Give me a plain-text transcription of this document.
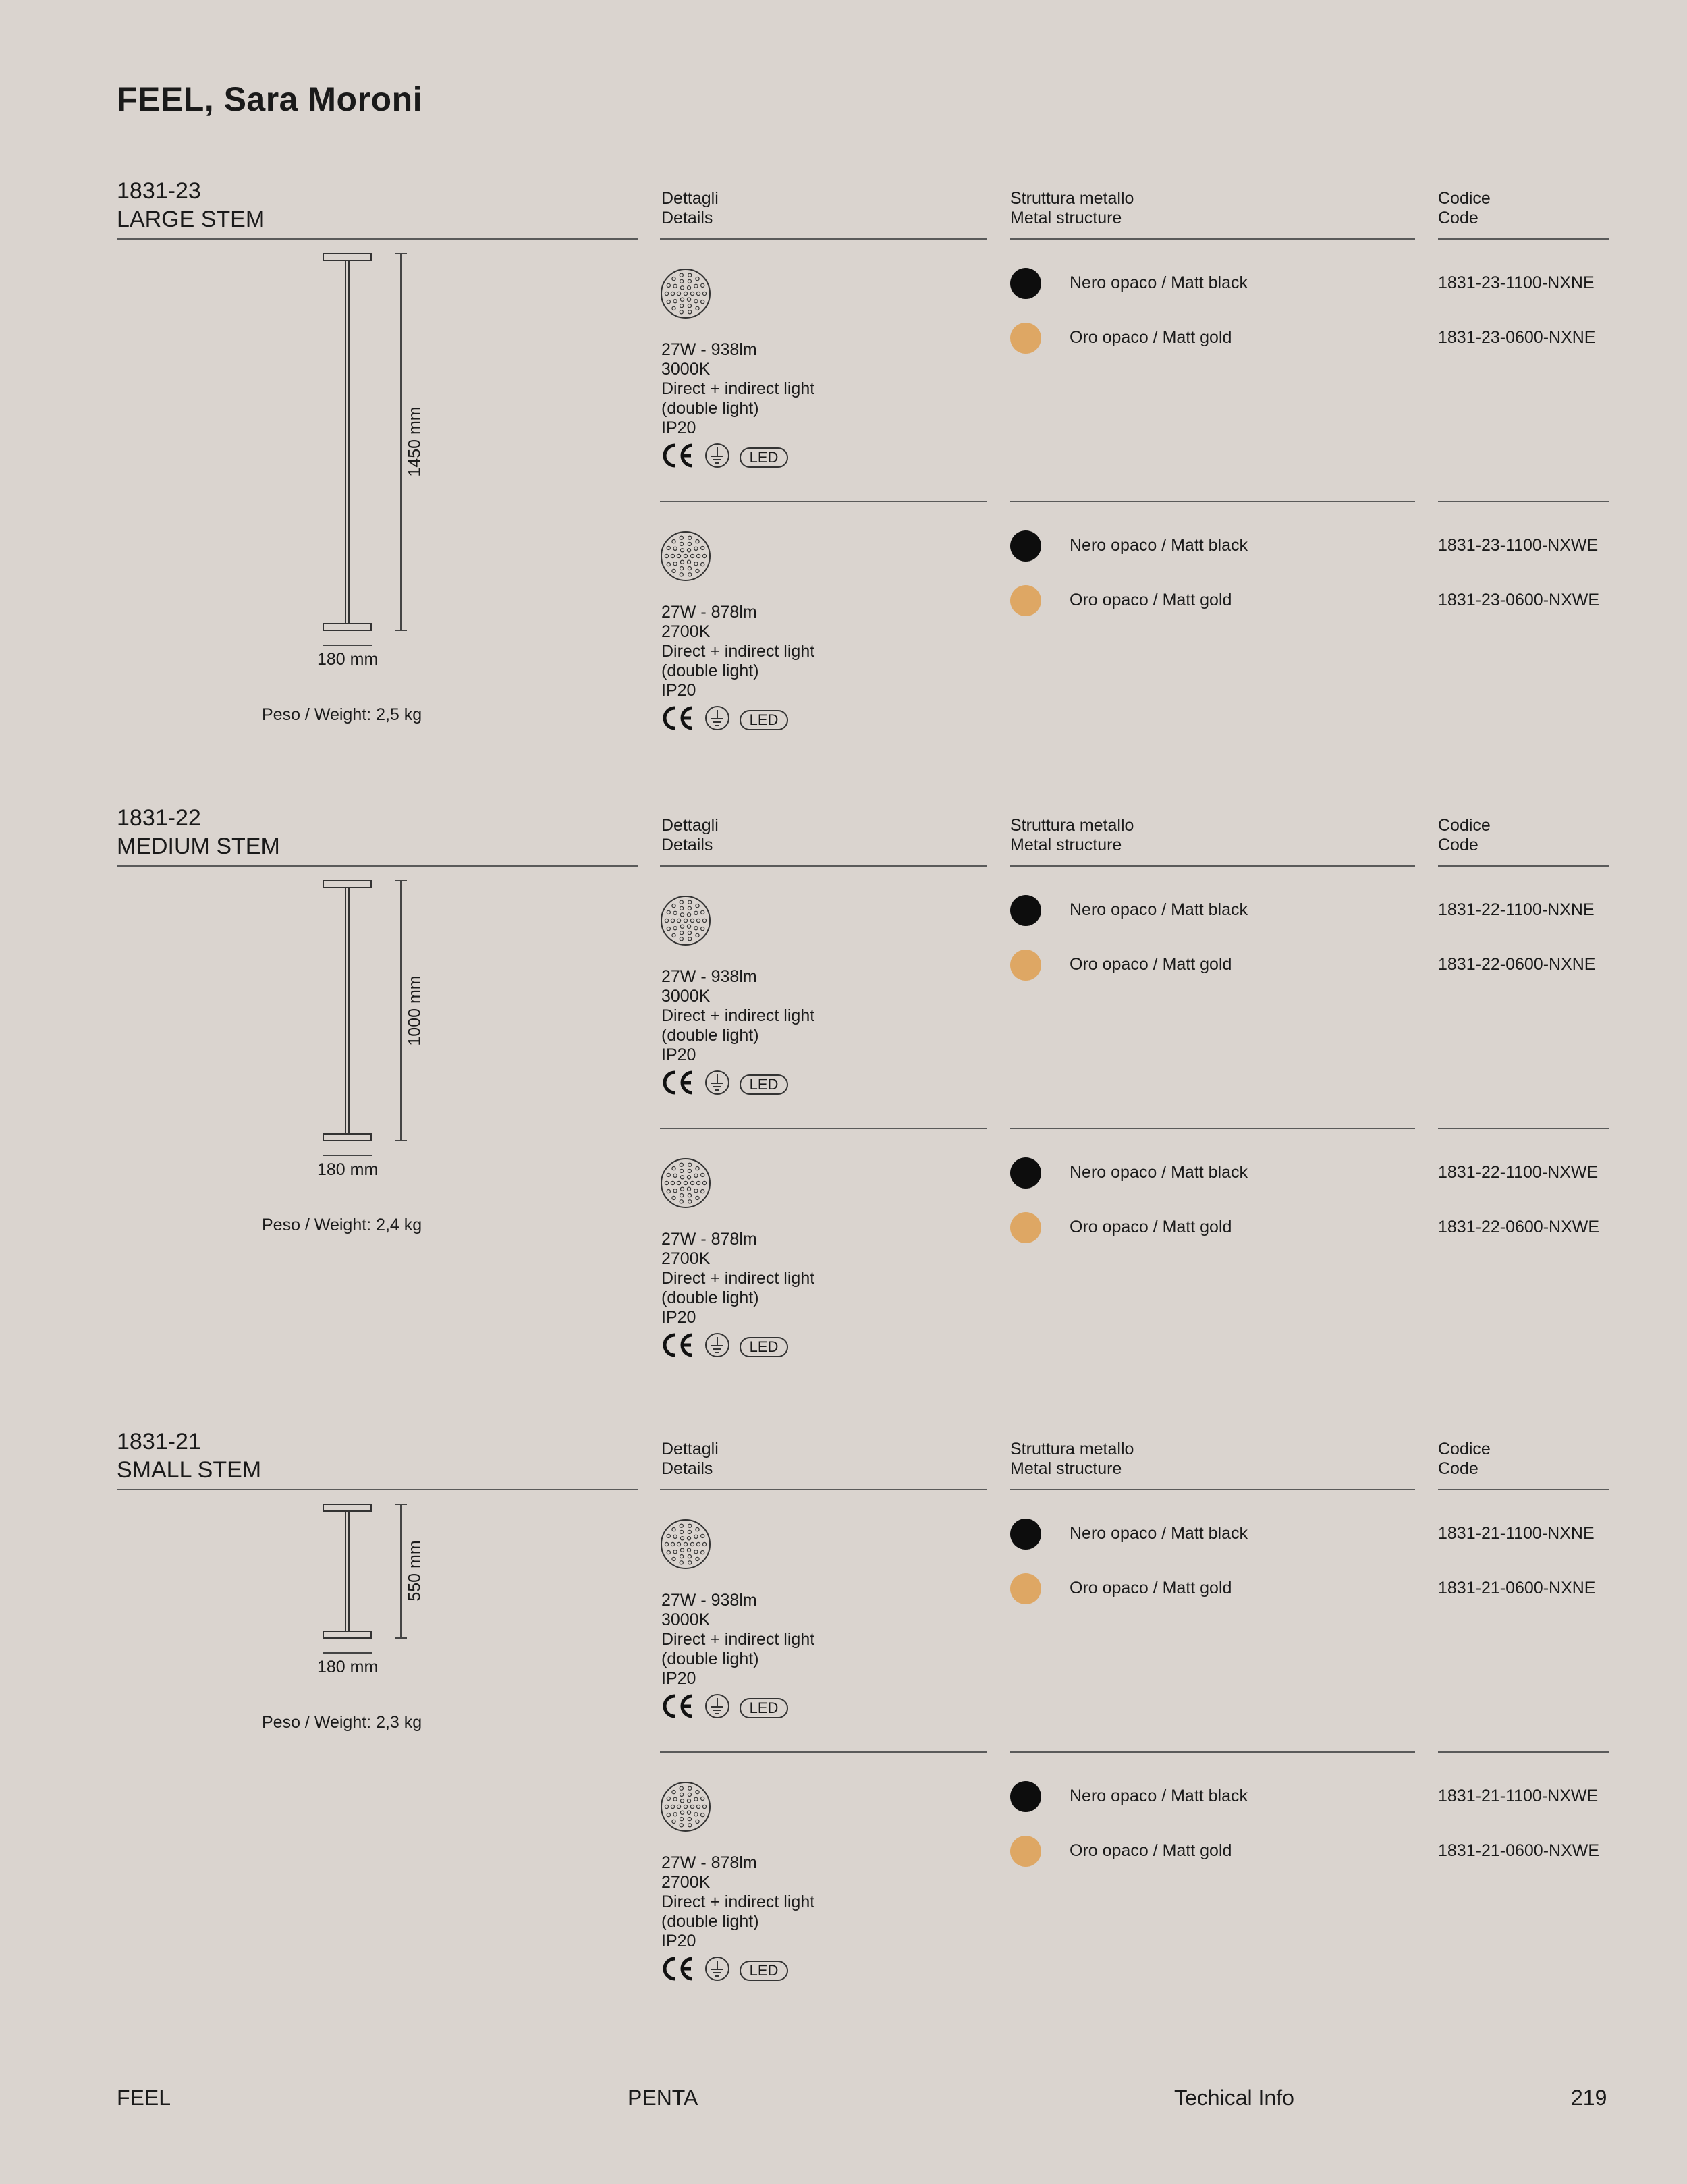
FEEL, Sara Moroni
1831-23
LARGE STEM
Dettagli
Details
Struttura metallo
Metal structure
Codice
Code
1450 mm
180 mm
Peso / Weight: 2,5 kg
27W - 938lm
3000K
Direct + indirect light
(double light)
IP20
LED
Nero opaco / Matt black	1831-23-1100-NXNE
Oro opaco / Matt gold	1831-23-0600-NXNE
27W - 878lm
2700K
Direct + indirect light
(double light)
IP20
LED
Nero opaco / Matt black	1831-23-1100-NXWE
Oro opaco / Matt gold	1831-23-0600-NXWE
1831-22
MEDIUM STEM
Dettagli
Details
Struttura metallo
Metal structure
Codice
Code
1000 mm
180 mm
Peso / Weight: 2,4 kg
27W - 938lm
3000K
Direct + indirect light
(double light)
IP20
LED
Nero opaco / Matt black	1831-22-1100-NXNE
Oro opaco / Matt gold	1831-22-0600-NXNE
27W - 878lm
2700K
Direct + indirect light
(double light)
IP20
LED
Nero opaco / Matt black	1831-22-1100-NXWE
Oro opaco / Matt gold	1831-22-0600-NXWE
1831-21
SMALL STEM
Dettagli
Details
Struttura metallo
Metal structure
Codice
Code
550 mm
180 mm
Peso / Weight: 2,3 kg
27W - 938lm
3000K
Direct + indirect light
(double light)
IP20
LED
Nero opaco / Matt black	1831-21-1100-NXNE
Oro opaco / Matt gold	1831-21-0600-NXNE
27W - 878lm
2700K
Direct + indirect light
(double light)
IP20
LED
Nero opaco / Matt black	1831-21-1100-NXWE
Oro opaco / Matt gold	1831-21-0600-NXWE
FEEL	PENTA	Techical Info	219
